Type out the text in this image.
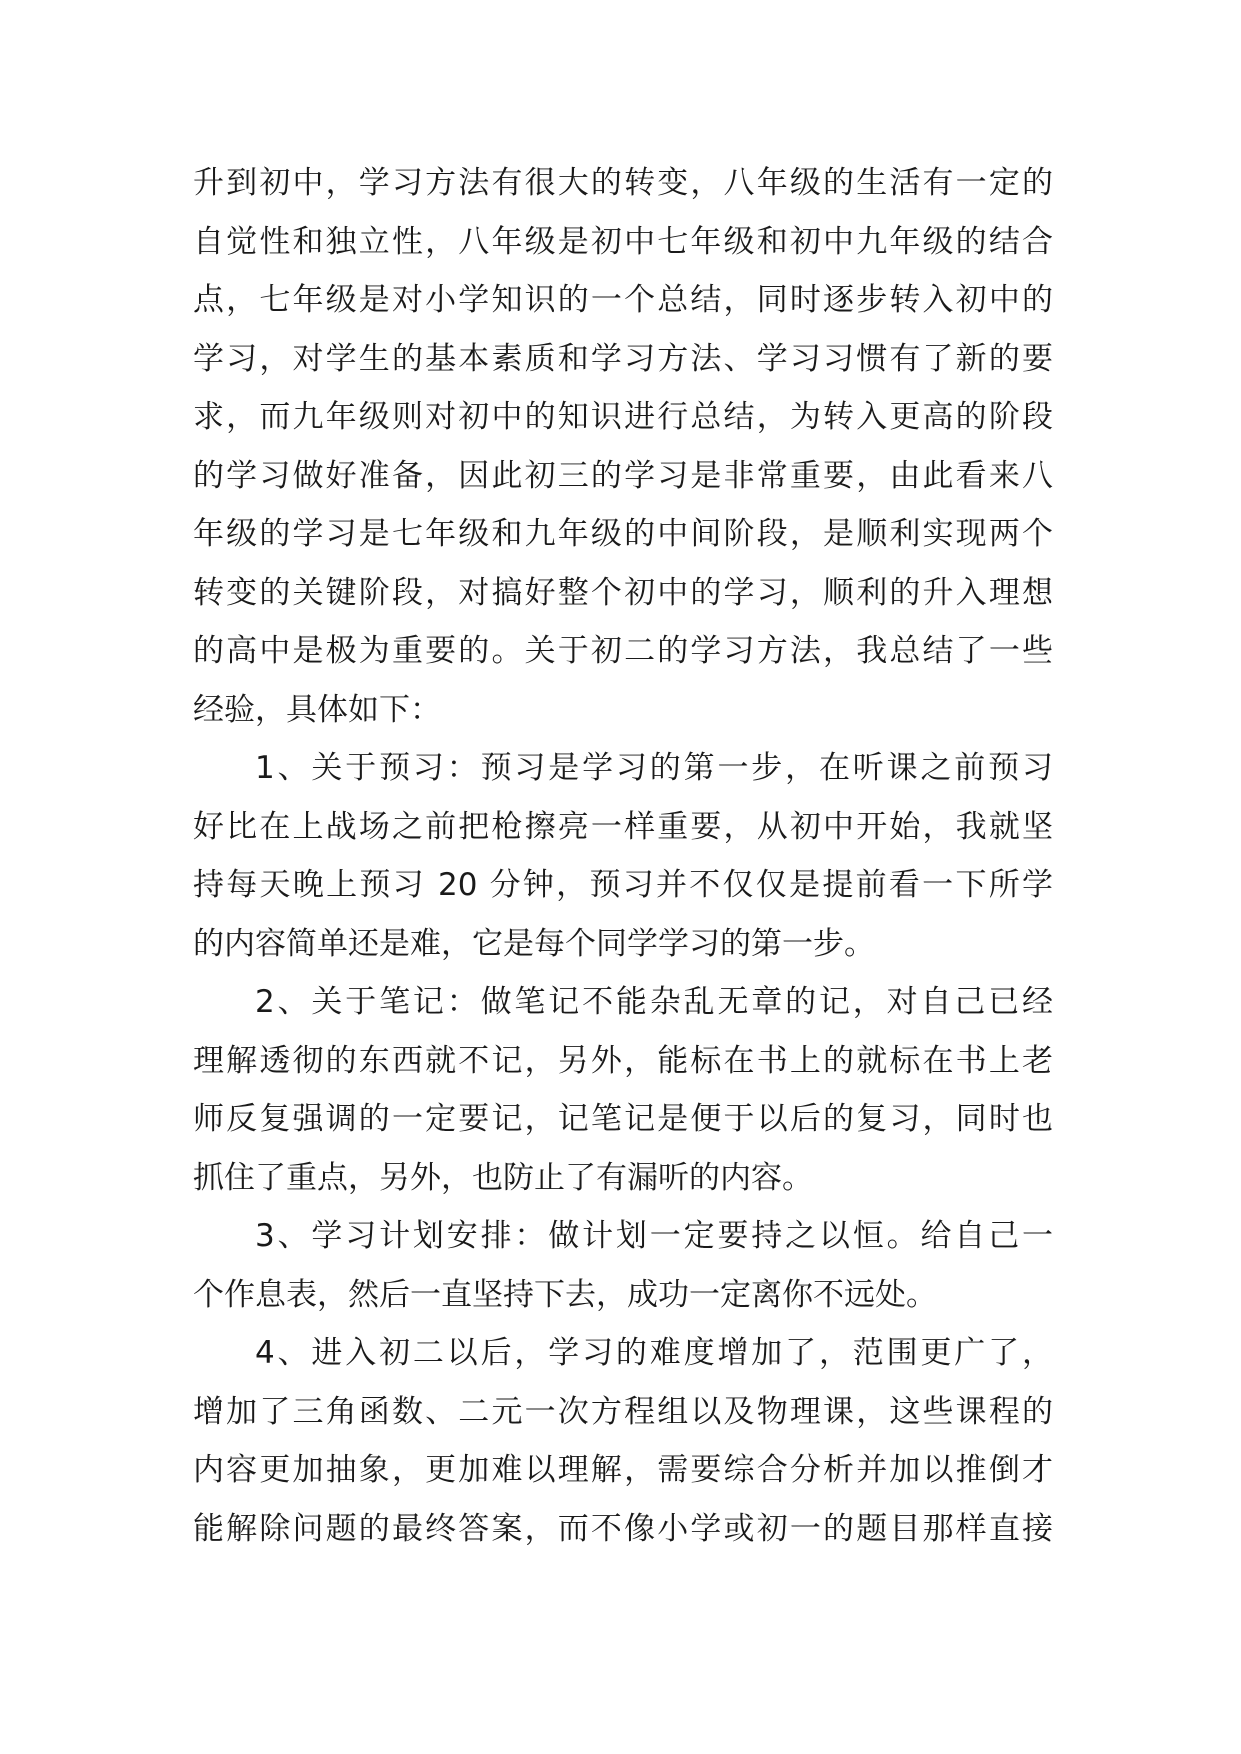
升到初中，学习方法有很大的转变，八年级的生活有一定的
自觉性和独立性，八年级是初中七年级和初中九年级的结合
点，七年级是对小学知识的一个总结，同时逐步转入初中的
学习，对学生的基本素质和学习方法、学习习惯有了新的要
求，而九年级则对初中的知识进行总结，为转入更高的阶段
的学习做好准备，因此初三的学习是非常重要，由此看来八
年级的学习是七年级和九年级的中间阶段，是顺利实现两个
转变的关键阶段，对搞好整个初中的学习，顺利的升入理想
的高中是极为重要的。关于初二的学习方法，我总结了一些
经验，具体如下：
1、关于预习：预习是学习的第一步，在听课之前预习
好比在上战场之前把枪擦亮一样重要，从初中开始，我就坚
持每天晚上预习 20 分钟，预习并不仅仅是提前看一下所学
的内容简单还是难，它是每个同学学习的第一步。
2、关于笔记：做笔记不能杂乱无章的记，对自己已经
理解透彻的东西就不记，另外，能标在书上的就标在书上老
师反复强调的一定要记，记笔记是便于以后的复习，同时也
抓住了重点，另外，也防止了有漏听的内容。
3、学习计划安排：做计划一定要持之以恒。给自己一
个作息表，然后一直坚持下去，成功一定离你不远处。
4、进入初二以后，学习的难度增加了，范围更广了，
增加了三角函数、二元一次方程组以及物理课，这些课程的
内容更加抽象，更加难以理解，需要综合分析并加以推倒才
能解除问题的最终答案，而不像小学或初一的题目那样直接
